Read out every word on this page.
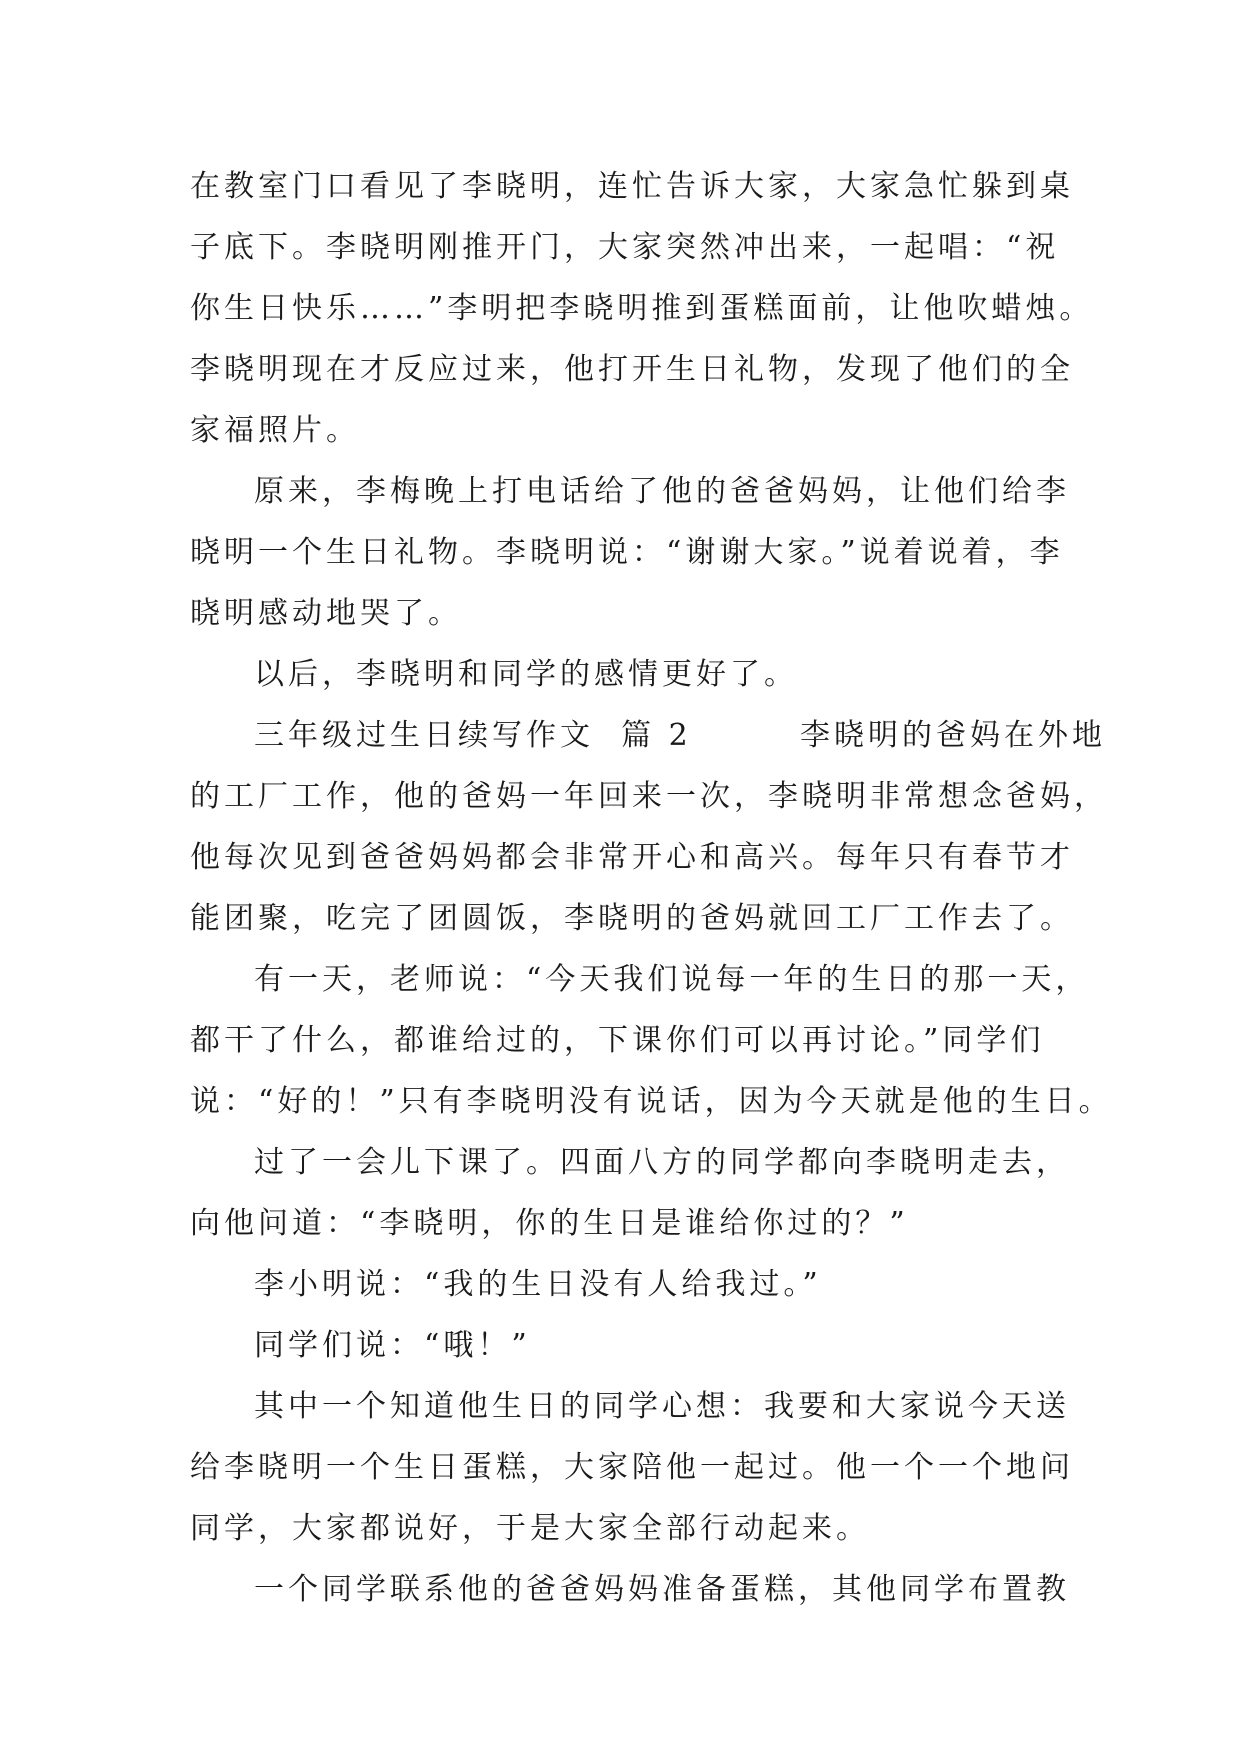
在教室门口看见了李晓明，连忙告诉大家，大家急忙躲到桌
子底下。李晓明刚推开门，大家突然冲出来，一起唱：“祝
你生日快乐……”李明把李晓明推到蛋糕面前，让他吹蜡烛。
李晓明现在才反应过来，他打开生日礼物，发现了他们的全
家福照片。
原来，李梅晚上打电话给了他的爸爸妈妈，让他们给李
晓明一个生日礼物。李晓明说：“谢谢大家。”说着说着，李
晓明感动地哭了。
以后，李晓明和同学的感情更好了。
三年级过生日续写作文  篇 2        李晓明的爸妈在外地
的工厂工作，他的爸妈一年回来一次，李晓明非常想念爸妈，
他每次见到爸爸妈妈都会非常开心和高兴。每年只有春节才
能团聚，吃完了团圆饭，李晓明的爸妈就回工厂工作去了。
有一天，老师说：“今天我们说每一年的生日的那一天，
都干了什么，都谁给过的，下课你们可以再讨论。”同学们
说：“好的！”只有李晓明没有说话，因为今天就是他的生日。
过了一会儿下课了。四面八方的同学都向李晓明走去，
向他问道：“李晓明，你的生日是谁给你过的？”
李小明说：“我的生日没有人给我过。”
同学们说：“哦！”
其中一个知道他生日的同学心想：我要和大家说今天送
给李晓明一个生日蛋糕，大家陪他一起过。他一个一个地问
同学，大家都说好，于是大家全部行动起来。
一个同学联系他的爸爸妈妈准备蛋糕，其他同学布置教
